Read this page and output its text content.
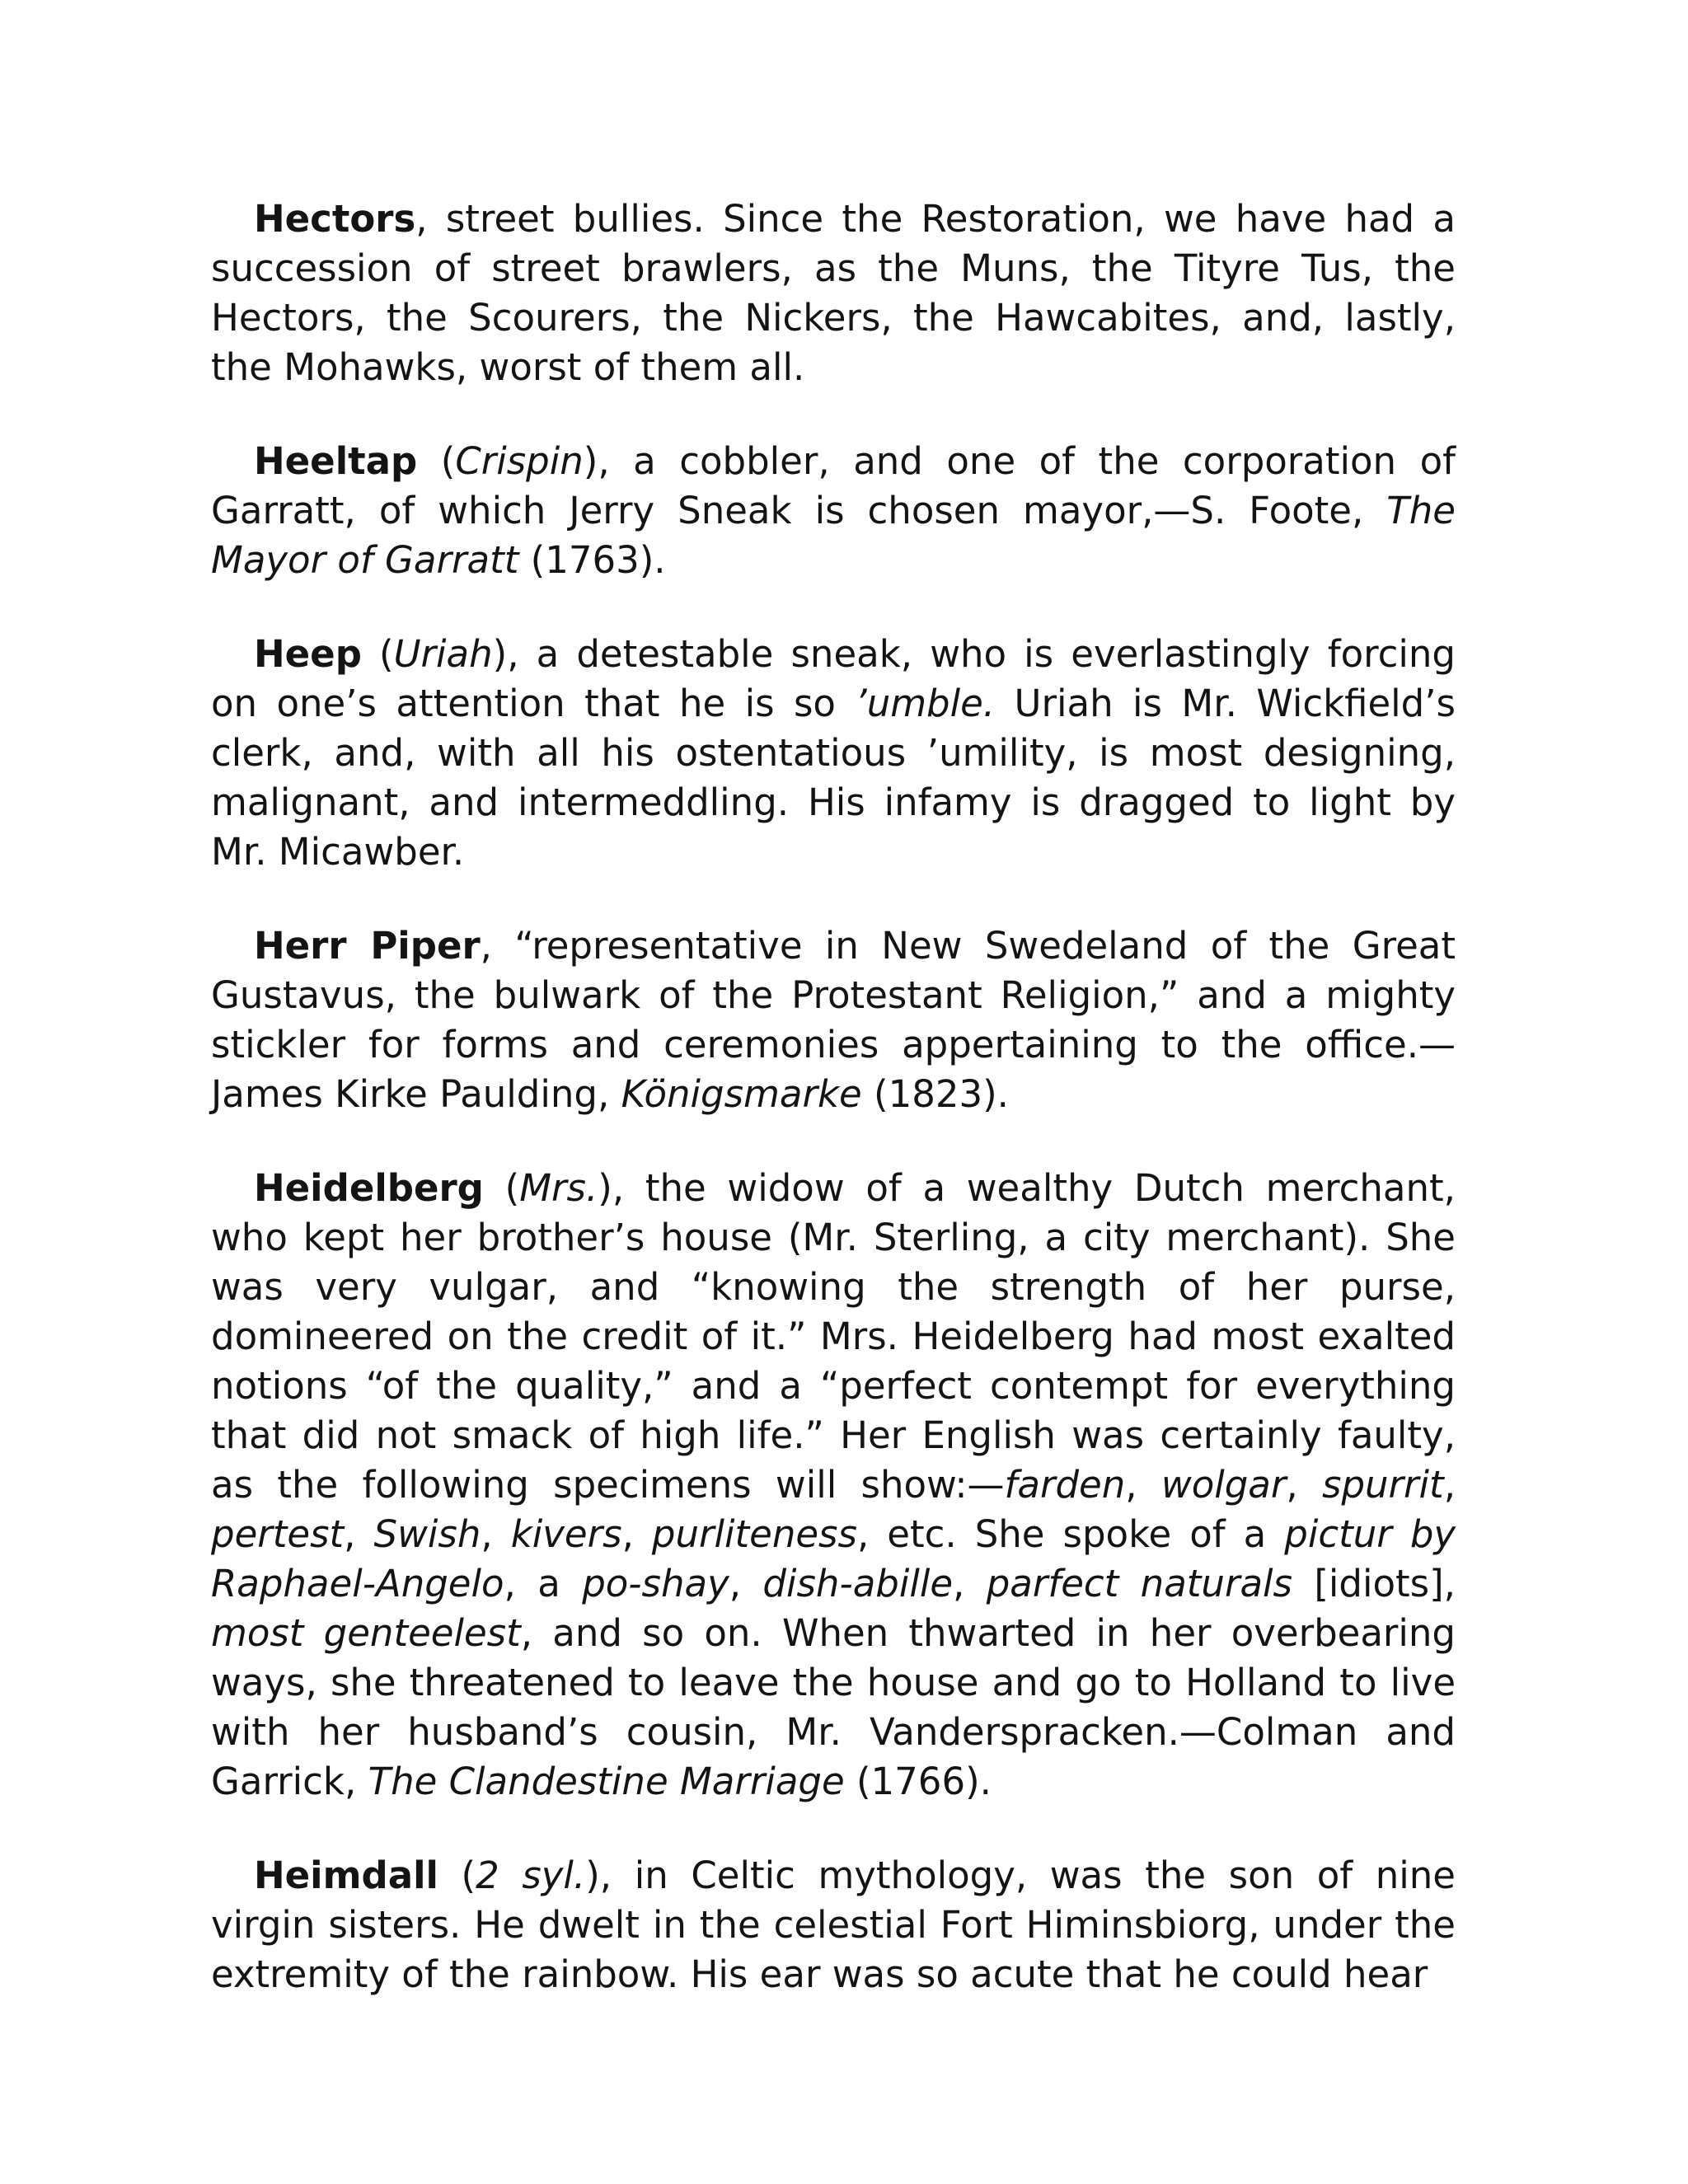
Hectors, street bullies. Since the Restoration, we have had a succession of street brawlers, as the Muns, the Tityre Tus, the Hectors, the Scourers, the Nickers, the Hawcabites, and, lastly, the Mohawks, worst of them all.

Heeltap (Crispin), a cobbler, and one of the corporation of Garratt, of which Jerry Sneak is chosen mayor,—S. Foote, The Mayor of Garratt (1763).

Heep (Uriah), a detestable sneak, who is everlastingly forcing on one’s attention that he is so ’umble. Uriah is Mr. Wickfield’s clerk, and, with all his ostentatious ’umility, is most designing, malignant, and intermeddling. His infamy is dragged to light by Mr. Micawber.

Herr Piper, “representative in New Swedeland of the Great Gustavus, the bulwark of the Protestant Religion,” and a mighty stickler for forms and ceremonies appertaining to the office.—James Kirke Paulding, Königsmarke (1823).

Heidelberg (Mrs.), the widow of a wealthy Dutch merchant, who kept her brother’s house (Mr. Sterling, a city merchant). She was very vulgar, and “knowing the strength of her purse, domineered on the credit of it.” Mrs. Heidelberg had most exalted notions “of the quality,” and a “perfect contempt for everything that did not smack of high life.” Her English was certainly faulty, as the following specimens will show:—farden, wolgar, spurrit, pertest, Swish, kivers, purliteness, etc. She spoke of a pictur by Raphael-Angelo, a po-shay, dish-abille, parfect naturals [idiots], most genteelest, and so on. When thwarted in her overbearing ways, she threatened to leave the house and go to Holland to live with her husband’s cousin, Mr. Vanderspracken.—Colman and Garrick, The Clandestine Marriage (1766).

Heimdall (2 syl.), in Celtic mythology, was the son of nine virgin sisters. He dwelt in the celestial Fort Himinsbiorg, under the extremity of the rainbow. His ear was so acute that he could hear
